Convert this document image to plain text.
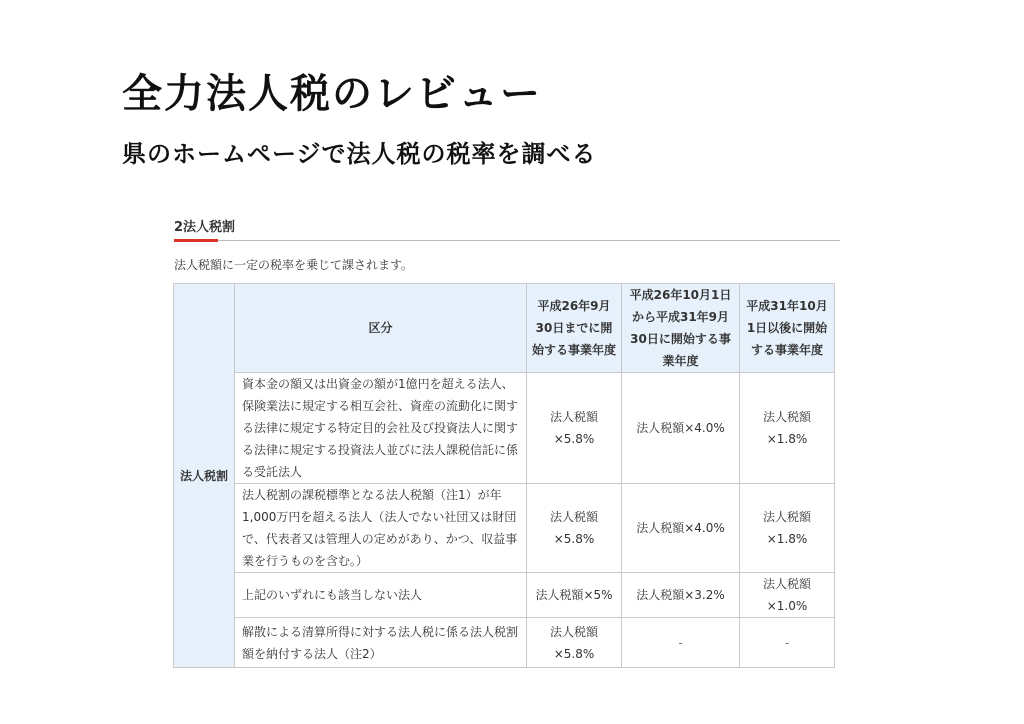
全力法人税のレビュー
県のホームページで法人税の税率を調べる
2法人税割
法人税額に一定の税率を乗じて課されます。
法人税割	区分	平成26年9月30日までに開始する事業年度	平成26年10月1日から平成31年9月30日に開始する事業年度	平成31年10月1日以後に開始する事業年度
	資本金の額又は出資金の額が1億円を超える法人、保険業法に規定する相互会社、資産の流動化に関する法律に規定する特定目的会社及び投資法人に関する法律に規定する投資法人並びに法人課税信託に係る受託法人	法人税額×5.8%	法人税額×4.0%	法人税額×1.8%
	法人税割の課税標準となる法人税額（注1）が年1,000万円を超える法人（法人でない社団又は財団で、代表者又は管理人の定めがあり、かつ、収益事業を行うものを含む。）	法人税額×5.8%	法人税額×4.0%	法人税額×1.8%
	上記のいずれにも該当しない法人	法人税額×5%	法人税額×3.2%	法人税額×1.0%
	解散による清算所得に対する法人税に係る法人税割額を納付する法人（注2）	法人税額×5.8%	-	-
